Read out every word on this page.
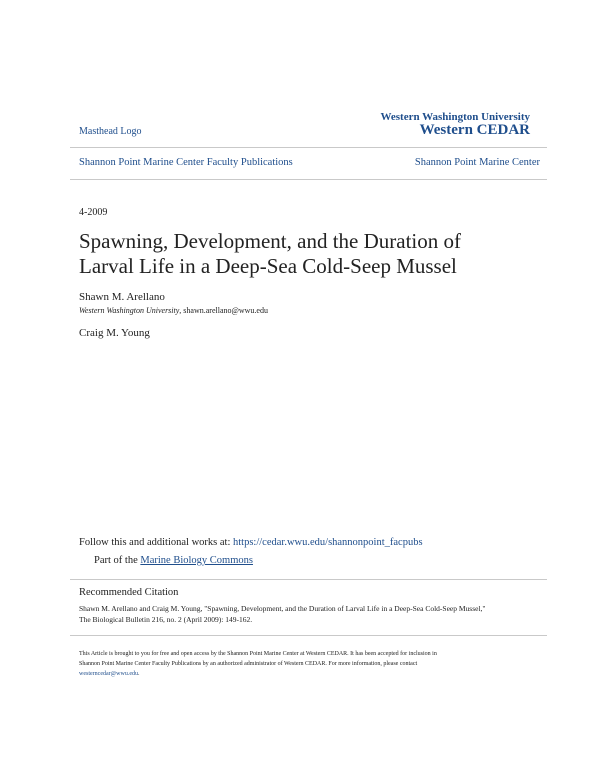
Masthead Logo
Western Washington University
Western CEDAR
Shannon Point Marine Center Faculty Publications	Shannon Point Marine Center
4-2009
Spawning, Development, and the Duration of
Larval Life in a Deep-Sea Cold-Seep Mussel
Shawn M. Arellano
Western Washington University, shawn.arellano@wwu.edu
Craig M. Young
Follow this and additional works at: https://cedar.wwu.edu/shannonpoint_facpubs
Part of the Marine Biology Commons
Recommended Citation
Shawn M. Arellano and Craig M. Young, "Spawning, Development, and the Duration of Larval Life in a Deep-Sea Cold-Seep Mussel,"
The Biological Bulletin 216, no. 2 (April 2009): 149-162.
This Article is brought to you for free and open access by the Shannon Point Marine Center at Western CEDAR. It has been accepted for inclusion in
Shannon Point Marine Center Faculty Publications by an authorized administrator of Western CEDAR. For more information, please contact
westerncedar@wwu.edu.
